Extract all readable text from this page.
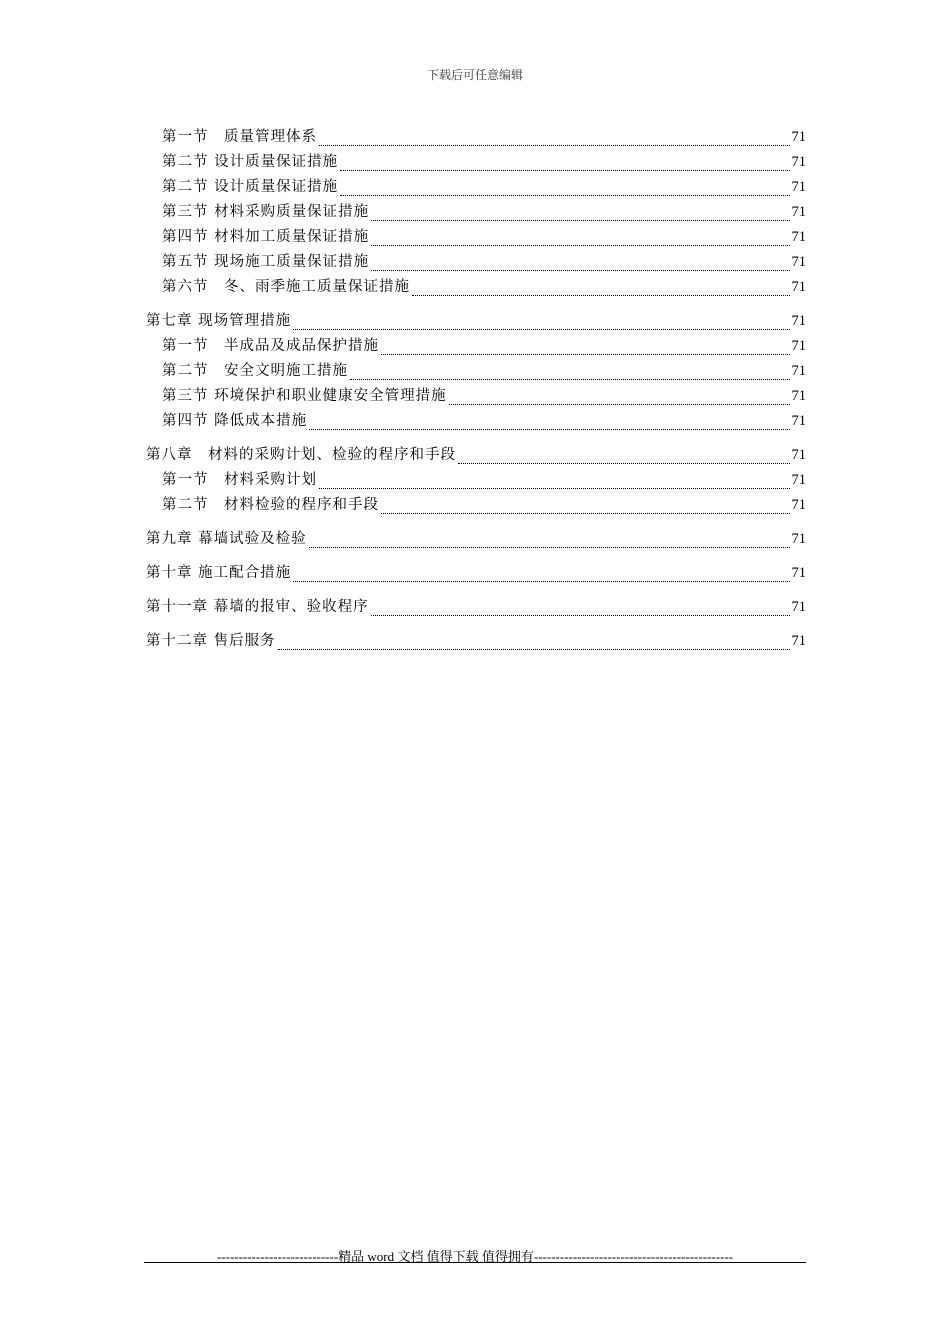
下载后可任意编辑
第一节　质量管理体系	71
第二节 设计质量保证措施	71
第二节 设计质量保证措施	71
第三节 材料采购质量保证措施	71
第四节 材料加工质量保证措施	71
第五节 现场施工质量保证措施	71
第六节　冬、雨季施工质量保证措施	71
第七章 现场管理措施	71
第一节　半成品及成品保护措施	71
第二节　安全文明施工措施	71
第三节 环境保护和职业健康安全管理措施	71
第四节 降低成本措施	71
第八章　材料的采购计划、检验的程序和手段	71
第一节　材料采购计划	71
第二节　材料检验的程序和手段	71
第九章 幕墙试验及检验	71
第十章 施工配合措施	71
第十一章 幕墙的报审、验收程序	71
第十二章 售后服务	71
----------------------------精品 word 文档 值得下载 值得拥有----------------------------------------------
